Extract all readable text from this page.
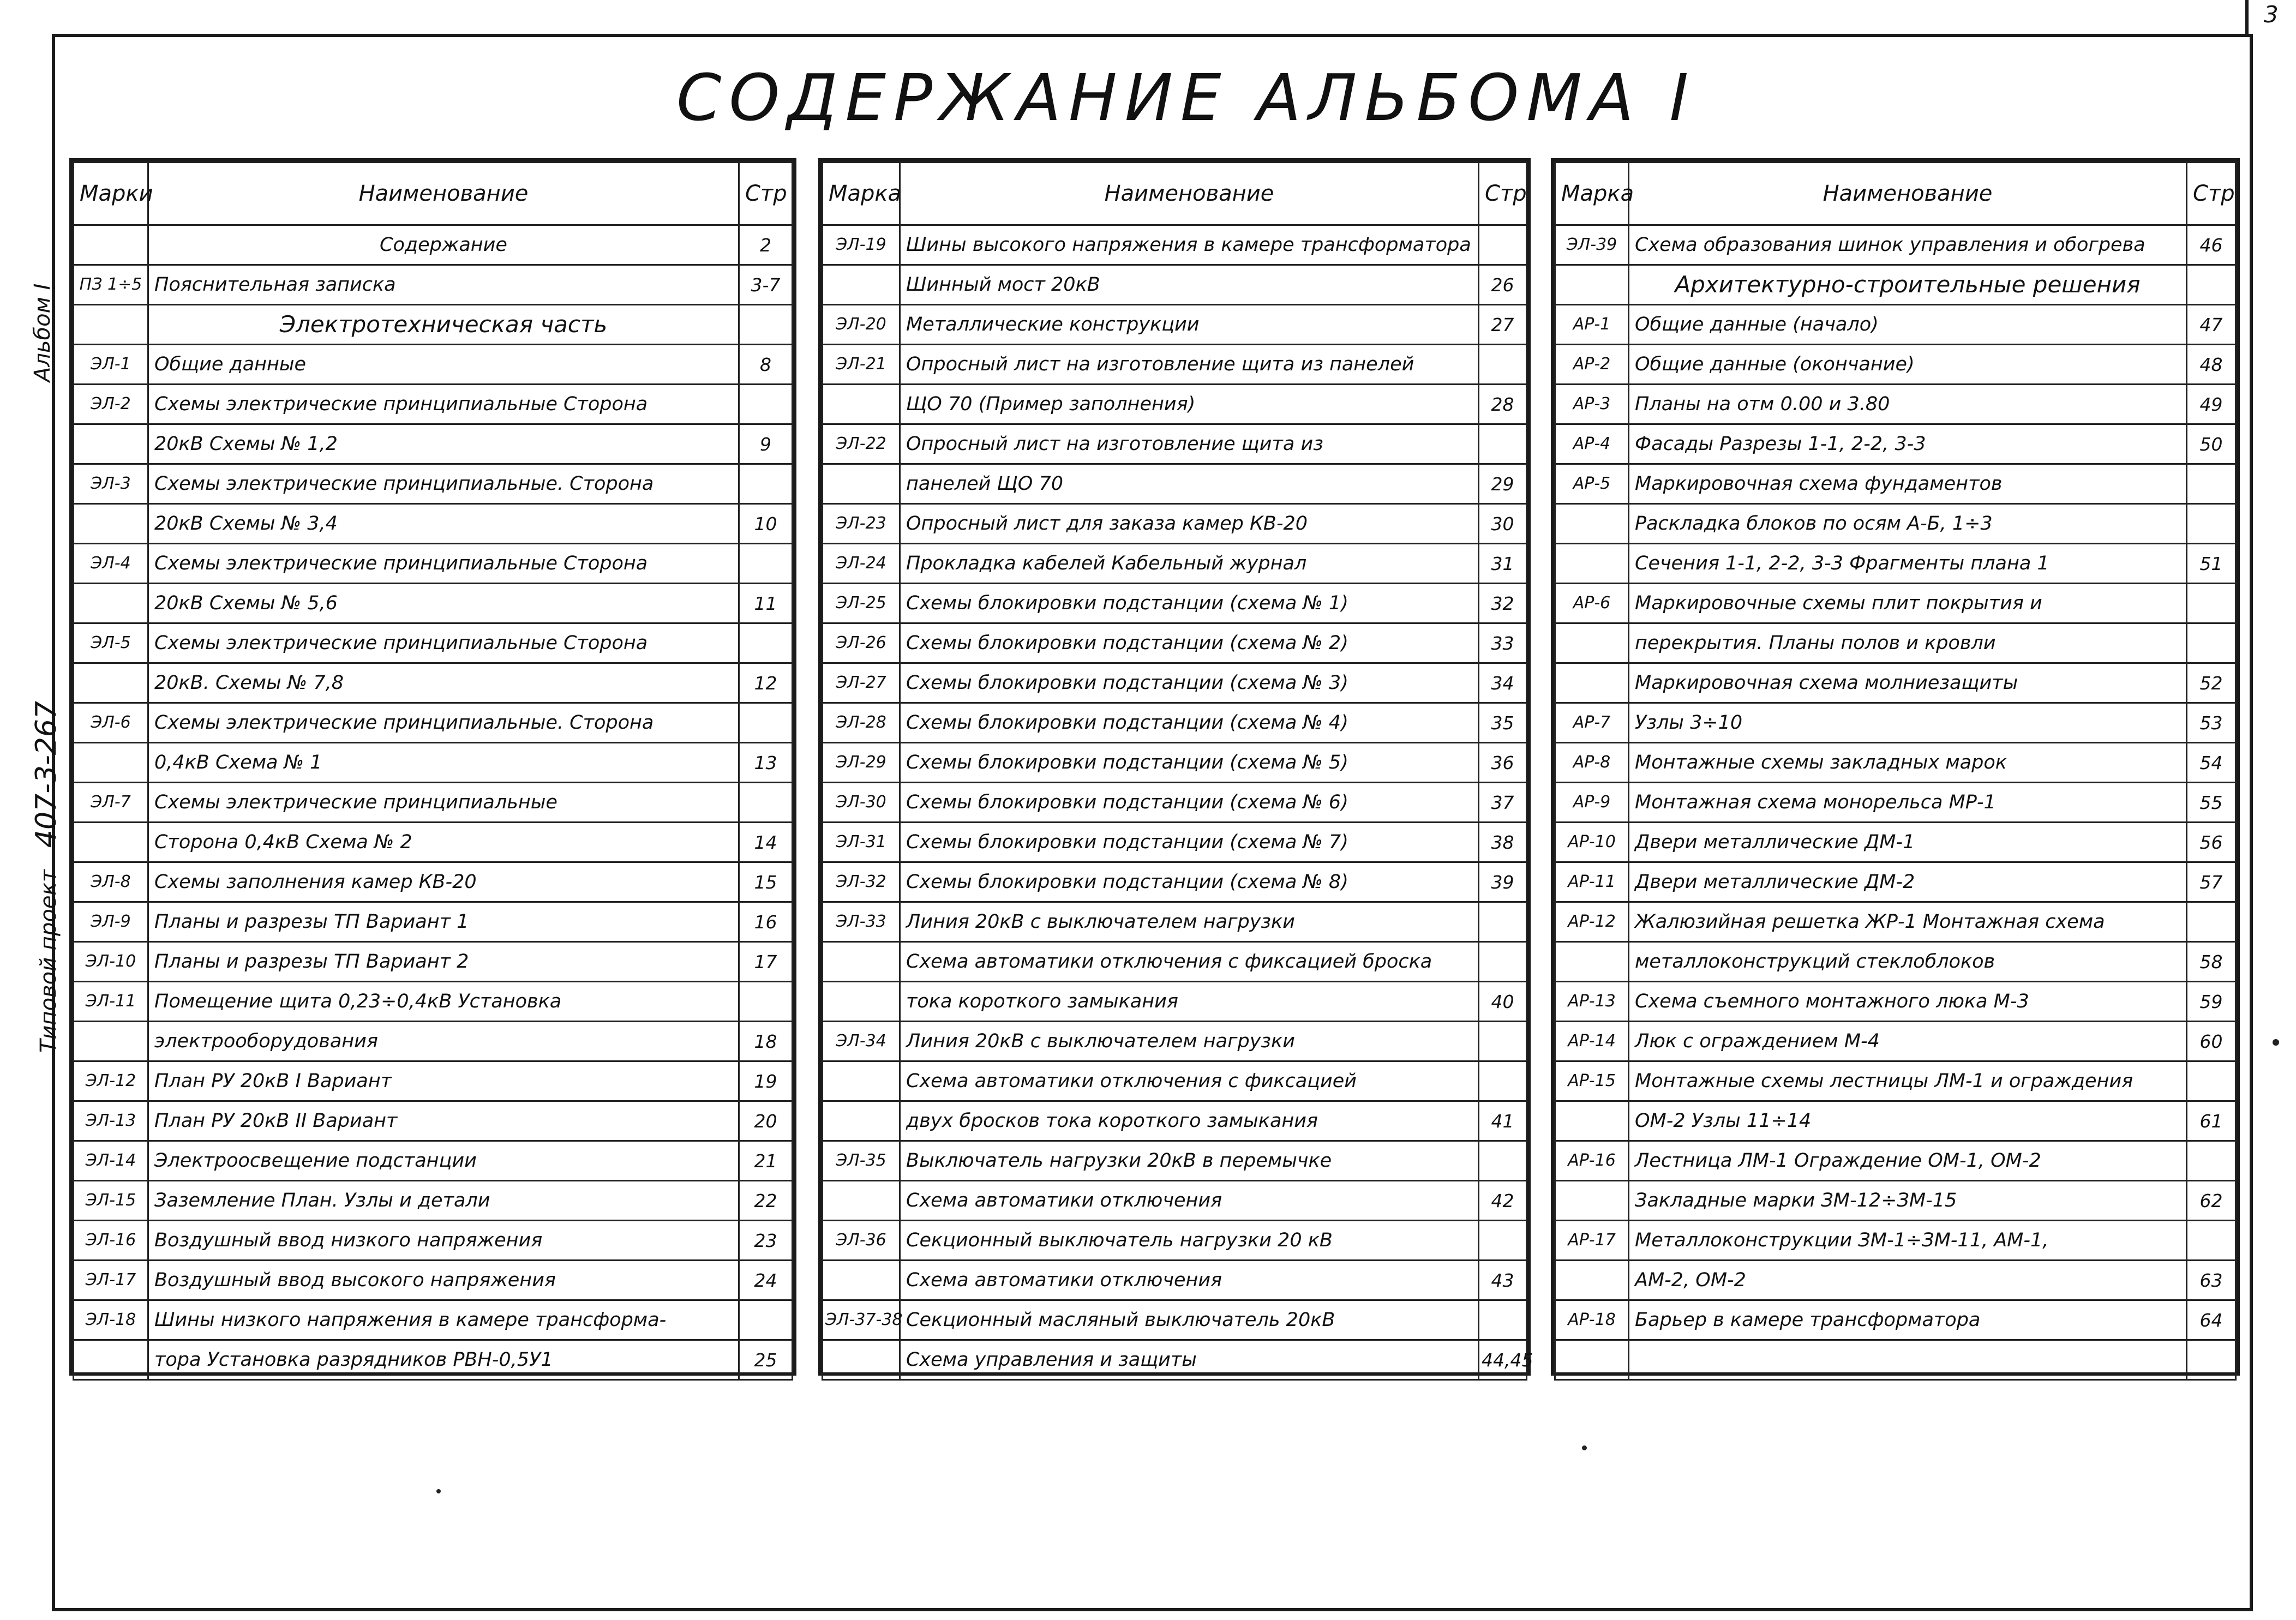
3
СОДЕРЖАНИЕ АЛЬБОМА I
Альбом I
Типовой проект407-3-267
Марки	Наименование	Стр
	Содержание	2
ПЗ 1÷5	Пояснительная записка	3-7
	Электротехническая часть	
ЭЛ-1	Общие данные	8
ЭЛ-2	Схемы электрические принципиальные Сторона	
	20кВ Схемы № 1,2	9
ЭЛ-3	Схемы электрические принципиальные. Сторона	
	20кВ Схемы № 3,4	10
ЭЛ-4	Схемы электрические принципиальные Сторона	
	20кВ Схемы № 5,6	11
ЭЛ-5	Схемы электрические принципиальные Сторона	
	20кВ. Схемы № 7,8	12
ЭЛ-6	Схемы электрические принципиальные. Сторона	
	0,4кВ Схема № 1	13
ЭЛ-7	Схемы электрические принципиальные	
	Сторона 0,4кВ Схема № 2	14
ЭЛ-8	Схемы заполнения камер КВ-20	15
ЭЛ-9	Планы и разрезы ТП Вариант 1	16
ЭЛ-10	Планы и разрезы ТП Вариант 2	17
ЭЛ-11	Помещение щита 0,23÷0,4кВ Установка	
	электрооборудования	18
ЭЛ-12	План РУ 20кВ I Вариант	19
ЭЛ-13	План РУ 20кВ II Вариант	20
ЭЛ-14	Электроосвещение подстанции	21
ЭЛ-15	Заземление План. Узлы и детали	22
ЭЛ-16	Воздушный ввод низкого напряжения	23
ЭЛ-17	Воздушный ввод высокого напряжения	24
ЭЛ-18	Шины низкого напряжения в камере трансформа-	
	тора Установка разрядников РВН-0,5У1	25
Марка	Наименование	Стр
ЭЛ-19	Шины высокого напряжения в камере трансформатора	
	Шинный мост 20кВ	26
ЭЛ-20	Металлические конструкции	27
ЭЛ-21	Опросный лист на изготовление щита из панелей	
	ЩО 70 (Пример заполнения)	28
ЭЛ-22	Опросный лист на изготовление щита из	
	панелей ЩО 70	29
ЭЛ-23	Опросный лист для заказа камер КВ-20	30
ЭЛ-24	Прокладка кабелей Кабельный журнал	31
ЭЛ-25	Схемы блокировки подстанции (схема № 1)	32
ЭЛ-26	Схемы блокировки подстанции (схема № 2)	33
ЭЛ-27	Схемы блокировки подстанции (схема № 3)	34
ЭЛ-28	Схемы блокировки подстанции (схема № 4)	35
ЭЛ-29	Схемы блокировки подстанции (схема № 5)	36
ЭЛ-30	Схемы блокировки подстанции (схема № 6)	37
ЭЛ-31	Схемы блокировки подстанции (схема № 7)	38
ЭЛ-32	Схемы блокировки подстанции (схема № 8)	39
ЭЛ-33	Линия 20кВ с выключателем нагрузки	
	Схема автоматики отключения с фиксацией броска	
	тока короткого замыкания	40
ЭЛ-34	Линия 20кВ с выключателем нагрузки	
	Схема автоматики отключения с фиксацией	
	двух бросков тока короткого замыкания	41
ЭЛ-35	Выключатель нагрузки 20кВ в перемычке	
	Схема автоматики отключения	42
ЭЛ-36	Секционный выключатель нагрузки 20 кВ	
	Схема автоматики отключения	43
ЭЛ-37-38	Секционный масляный выключатель 20кВ	
	Схема управления и защиты	44,45
Марка	Наименование	Стр
ЭЛ-39	Схема образования шинок управления и обогрева	46
	Архитектурно-строительные решения	
АР-1	Общие данные (начало)	47
АР-2	Общие данные (окончание)	48
АР-3	Планы на отм 0.00 и 3.80	49
АР-4	Фасады Разрезы 1-1, 2-2, 3-3	50
АР-5	Маркировочная схема фундаментов	
	Раскладка блоков по осям А-Б, 1÷3	
	Сечения 1-1, 2-2, 3-3 Фрагменты плана 1	51
АР-6	Маркировочные схемы плит покрытия и	
	перекрытия. Планы полов и кровли	
	Маркировочная схема молниезащиты	52
АР-7	Узлы 3÷10	53
АР-8	Монтажные схемы закладных марок	54
АР-9	Монтажная схема монорельса МР-1	55
АР-10	Двери металлические ДМ-1	56
АР-11	Двери металлические ДМ-2	57
АР-12	Жалюзийная решетка ЖР-1 Монтажная схема	
	металлоконструкций стеклоблоков	58
АР-13	Схема съемного монтажного люка М-3	59
АР-14	Люк с ограждением М-4	60
АР-15	Монтажные схемы лестницы ЛМ-1 и ограждения	
	ОМ-2 Узлы 11÷14	61
АР-16	Лестница ЛМ-1 Ограждение ОМ-1, ОМ-2	
	Закладные марки ЗМ-12÷ЗМ-15	62
АР-17	Металлоконструкции ЗМ-1÷ЗМ-11, АМ-1,	
	АМ-2, ОМ-2	63
АР-18	Барьер в камере трансформатора	64
